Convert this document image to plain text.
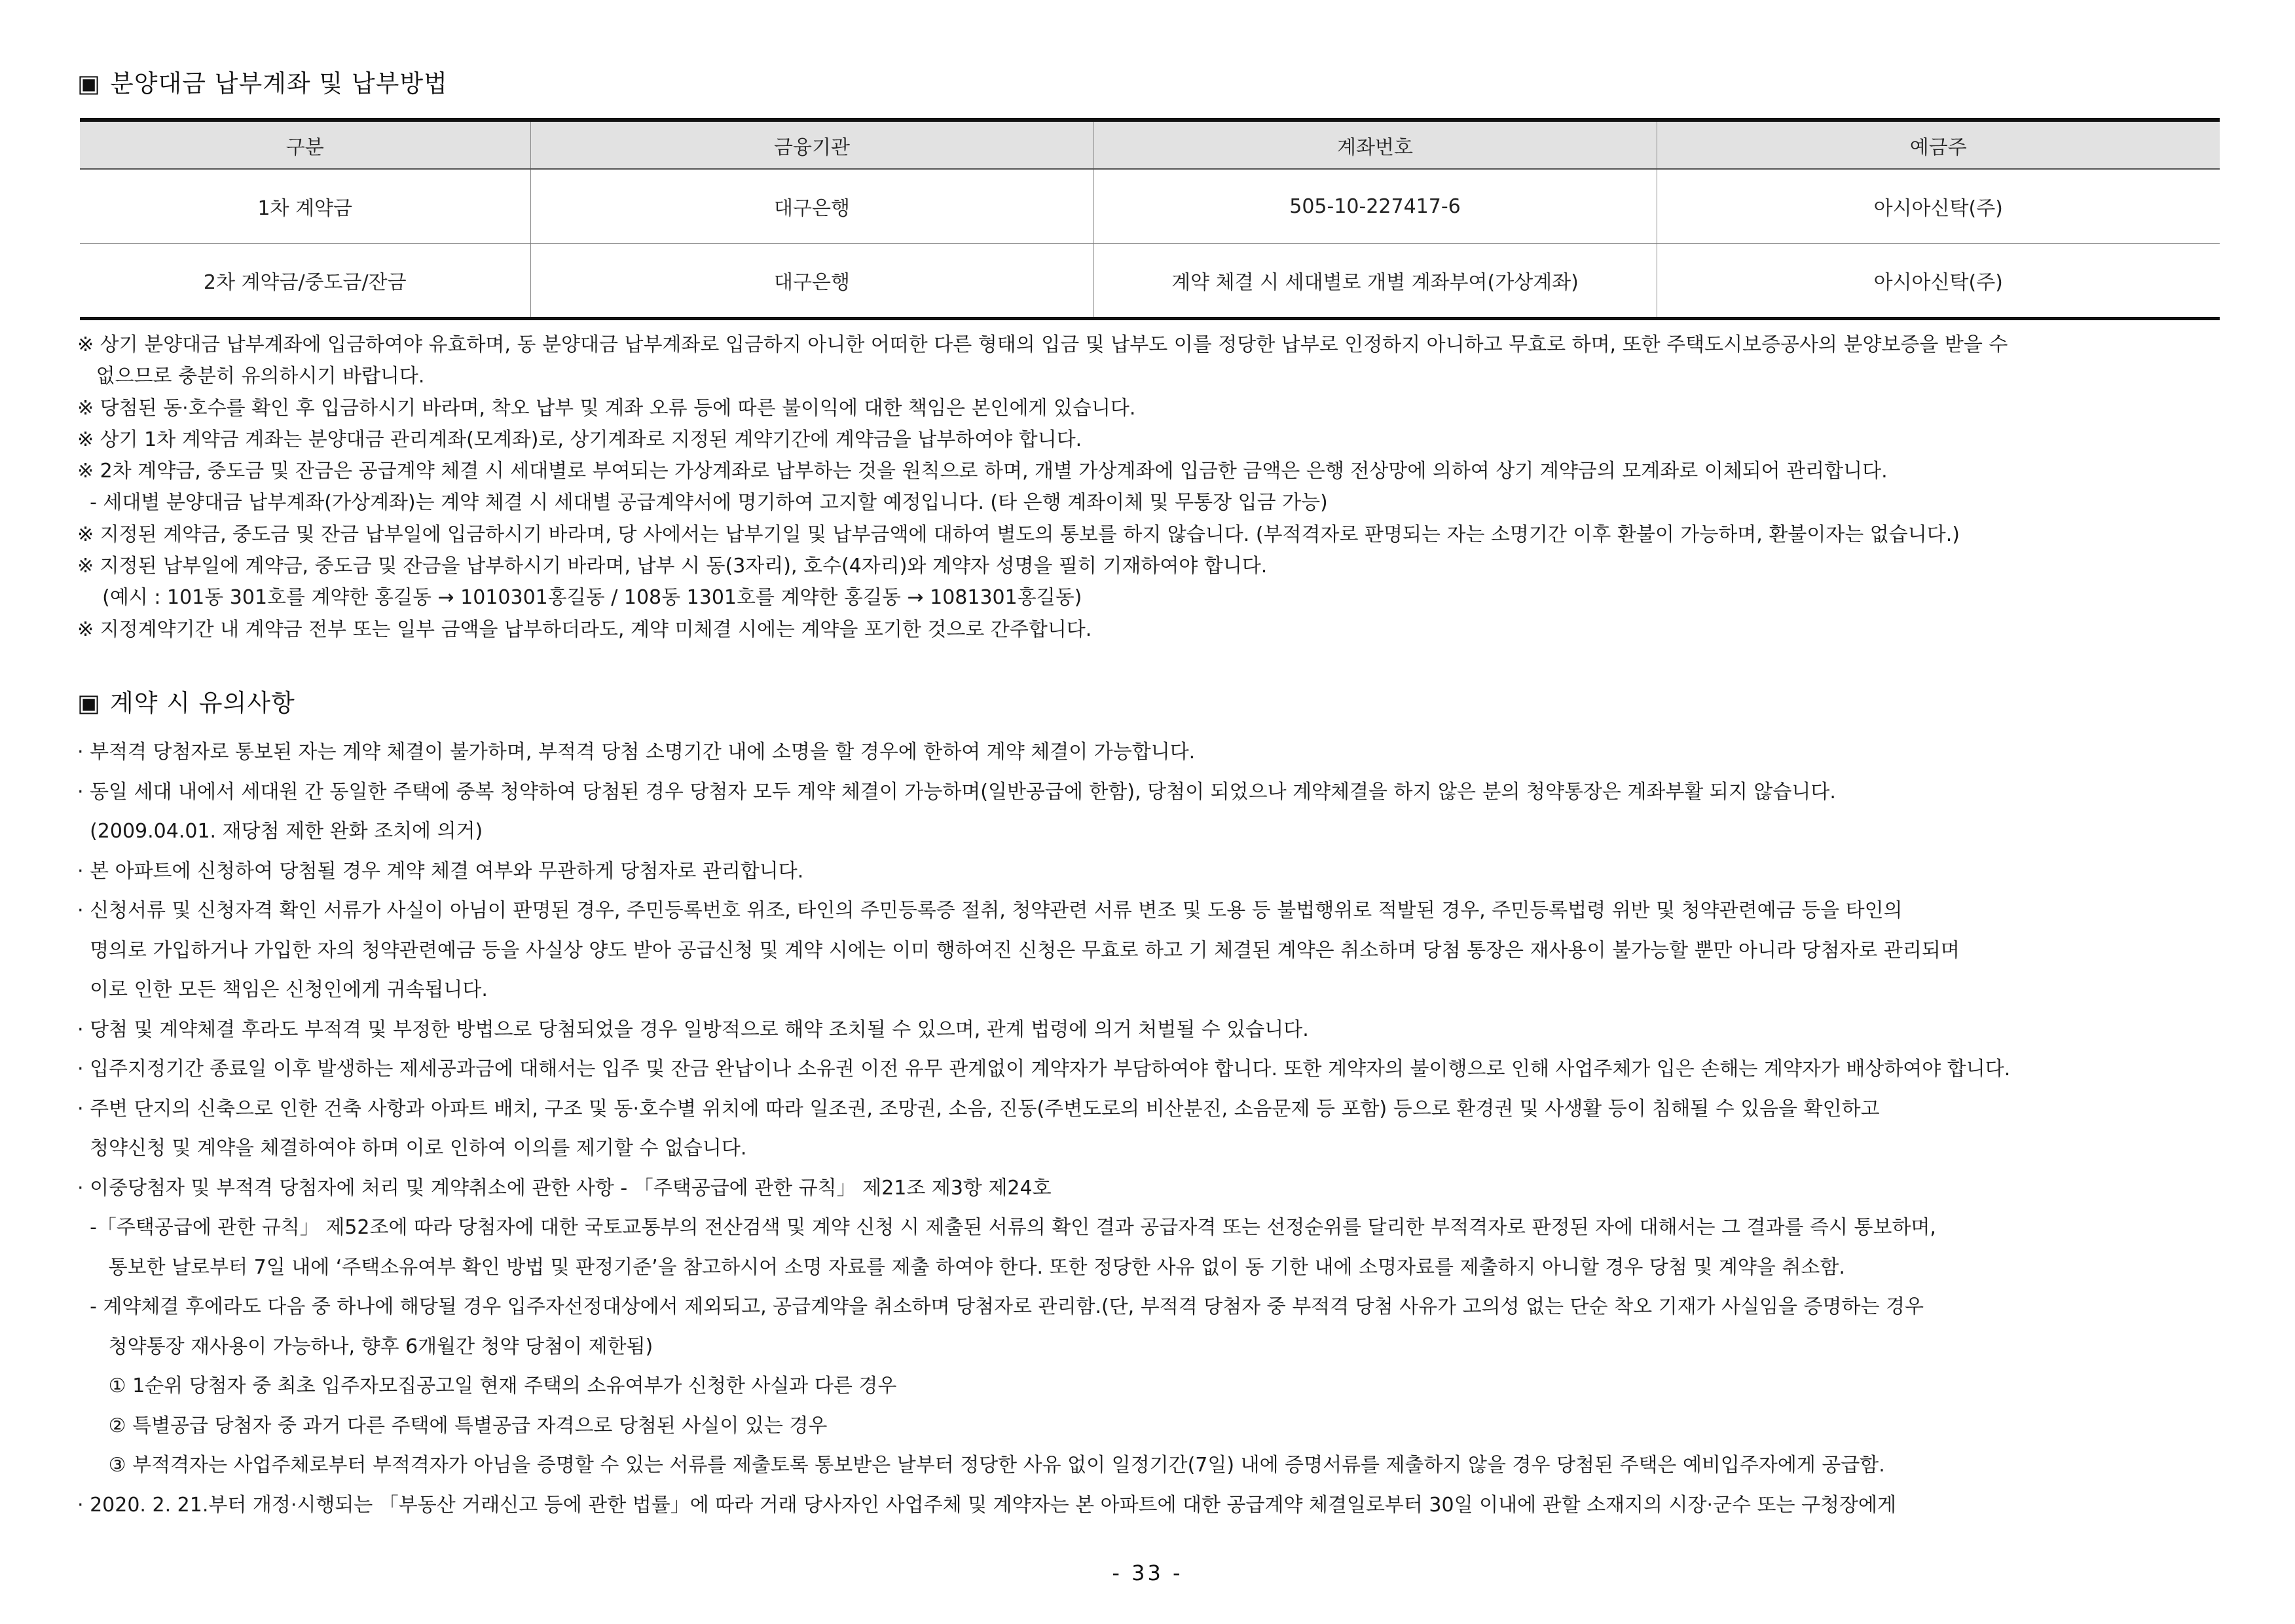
▣ 분양대금 납부계좌 및 납부방법
구분	금융기관	계좌번호	예금주
1차 계약금	대구은행	505-10-227417-6	아시아신탁(주)
2차 계약금/중도금/잔금	대구은행	계약 체결 시 세대별로 개별 계좌부여(가상계좌)	아시아신탁(주)
※ 상기 분양대금 납부계좌에 입금하여야 유효하며, 동 분양대금 납부계좌로 입금하지 아니한 어떠한 다른 형태의 입금 및 납부도 이를 정당한 납부로 인정하지 아니하고 무효로 하며, 또한 주택도시보증공사의 분양보증을 받을 수
없으므로 충분히 유의하시기 바랍니다.
※ 당첨된 동·호수를 확인 후 입금하시기 바라며, 착오 납부 및 계좌 오류 등에 따른 불이익에 대한 책임은 본인에게 있습니다.
※ 상기 1차 계약금 계좌는 분양대금 관리계좌(모계좌)로, 상기계좌로 지정된 계약기간에 계약금을 납부하여야 합니다.
※ 2차 계약금, 중도금 및 잔금은 공급계약 체결 시 세대별로 부여되는 가상계좌로 납부하는 것을 원칙으로 하며, 개별 가상계좌에 입금한 금액은 은행 전상망에 의하여 상기 계약금의 모계좌로 이체되어 관리합니다.
- 세대별 분양대금 납부계좌(가상계좌)는 계약 체결 시 세대별 공급계약서에 명기하여 고지할 예정입니다. (타 은행 계좌이체 및 무통장 입금 가능)
※ 지정된 계약금, 중도금 및 잔금 납부일에 입금하시기 바라며, 당 사에서는 납부기일 및 납부금액에 대하여 별도의 통보를 하지 않습니다. (부적격자로 판명되는 자는 소명기간 이후 환불이 가능하며, 환불이자는 없습니다.)
※ 지정된 납부일에 계약금, 중도금 및 잔금을 납부하시기 바라며, 납부 시 동(3자리), 호수(4자리)와 계약자 성명을 필히 기재하여야 합니다.
(예시 : 101동 301호를 계약한 홍길동 → 1010301홍길동 / 108동 1301호를 계약한 홍길동 → 1081301홍길동)
※ 지정계약기간 내 계약금 전부 또는 일부 금액을 납부하더라도, 계약 미체결 시에는 계약을 포기한 것으로 간주합니다.
▣ 계약 시 유의사항
· 부적격 당첨자로 통보된 자는 계약 체결이 불가하며, 부적격 당첨 소명기간 내에 소명을 할 경우에 한하여 계약 체결이 가능합니다.
· 동일 세대 내에서 세대원 간 동일한 주택에 중복 청약하여 당첨된 경우 당첨자 모두 계약 체결이 가능하며(일반공급에 한함), 당첨이 되었으나 계약체결을 하지 않은 분의 청약통장은 계좌부활 되지 않습니다.
(2009.04.01. 재당첨 제한 완화 조치에 의거)
· 본 아파트에 신청하여 당첨될 경우 계약 체결 여부와 무관하게 당첨자로 관리합니다.
· 신청서류 및 신청자격 확인 서류가 사실이 아님이 판명된 경우, 주민등록번호 위조, 타인의 주민등록증 절취, 청약관련 서류 변조 및 도용 등 불법행위로 적발된 경우, 주민등록법령 위반 및 청약관련예금 등을 타인의
명의로 가입하거나 가입한 자의 청약관련예금 등을 사실상 양도 받아 공급신청 및 계약 시에는 이미 행하여진 신청은 무효로 하고 기 체결된 계약은 취소하며 당첨 통장은 재사용이 불가능할 뿐만 아니라 당첨자로 관리되며
이로 인한 모든 책임은 신청인에게 귀속됩니다.
· 당첨 및 계약체결 후라도 부적격 및 부정한 방법으로 당첨되었을 경우 일방적으로 해약 조치될 수 있으며, 관계 법령에 의거 처벌될 수 있습니다.
· 입주지정기간 종료일 이후 발생하는 제세공과금에 대해서는 입주 및 잔금 완납이나 소유권 이전 유무 관계없이 계약자가 부담하여야 합니다. 또한 계약자의 불이행으로 인해 사업주체가 입은 손해는 계약자가 배상하여야 합니다.
· 주변 단지의 신축으로 인한 건축 사항과 아파트 배치, 구조 및 동·호수별 위치에 따라 일조권, 조망권, 소음, 진동(주변도로의 비산분진, 소음문제 등 포함) 등으로 환경권 및 사생활 등이 침해될 수 있음을 확인하고
청약신청 및 계약을 체결하여야 하며 이로 인하여 이의를 제기할 수 없습니다.
· 이중당첨자 및 부적격 당첨자에 처리 및 계약취소에 관한 사항 - 「주택공급에 관한 규칙」 제21조 제3항 제24호
-「주택공급에 관한 규칙」 제52조에 따라 당첨자에 대한 국토교통부의 전산검색 및 계약 신청 시 제출된 서류의 확인 결과 공급자격 또는 선정순위를 달리한 부적격자로 판정된 자에 대해서는 그 결과를 즉시 통보하며,
통보한 날로부터 7일 내에 ‘주택소유여부 확인 방법 및 판정기준’을 참고하시어 소명 자료를 제출 하여야 한다. 또한 정당한 사유 없이 동 기한 내에 소명자료를 제출하지 아니할 경우 당첨 및 계약을 취소함.
- 계약체결 후에라도 다음 중 하나에 해당될 경우 입주자선정대상에서 제외되고, 공급계약을 취소하며 당첨자로 관리함.(단, 부적격 당첨자 중 부적격 당첨 사유가 고의성 없는 단순 착오 기재가 사실임을 증명하는 경우
청약통장 재사용이 가능하나, 향후 6개월간 청약 당첨이 제한됨)
① 1순위 당첨자 중 최초 입주자모집공고일 현재 주택의 소유여부가 신청한 사실과 다른 경우
② 특별공급 당첨자 중 과거 다른 주택에 특별공급 자격으로 당첨된 사실이 있는 경우
③ 부적격자는 사업주체로부터 부적격자가 아님을 증명할 수 있는 서류를 제출토록 통보받은 날부터 정당한 사유 없이 일정기간(7일) 내에 증명서류를 제출하지 않을 경우 당첨된 주택은 예비입주자에게 공급함.
· 2020. 2. 21.부터 개정·시행되는 「부동산 거래신고 등에 관한 법률」에 따라 거래 당사자인 사업주체 및 계약자는 본 아파트에 대한 공급계약 체결일로부터 30일 이내에 관할 소재지의 시장·군수 또는 구청장에게
- 33 -
